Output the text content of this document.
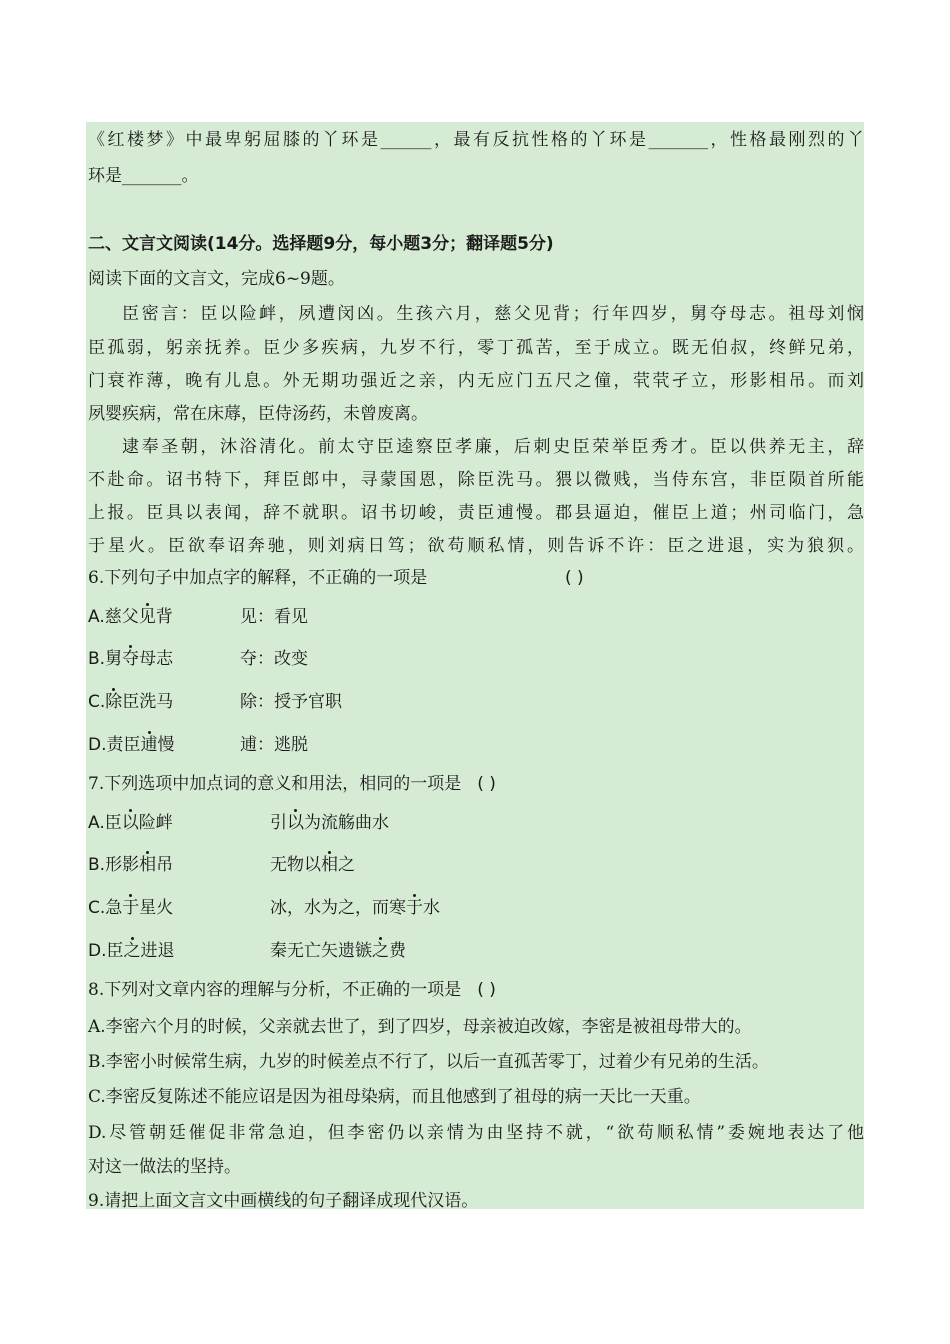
《红楼梦》中最卑躬屈膝的丫环是______，最有反抗性格的丫环是_______，性格最刚烈的丫
环是_______。
二、文言文阅读(14分。选择题9分，每小题3分；翻译题5分)
阅读下面的文言文，完成6~9题。
臣密言：臣以险衅，夙遭闵凶。生孩六月，慈父见背；行年四岁，舅夺母志。祖母刘悯
臣孤弱，躬亲抚养。臣少多疾病，九岁不行，零丁孤苦，至于成立。既无伯叔，终鲜兄弟，
门衰祚薄，晚有儿息。外无期功强近之亲，内无应门五尺之僮，茕茕孑立，形影相吊。而刘
夙婴疾病，常在床蓐，臣侍汤药，未曾废离。
逮奉圣朝，沐浴清化。前太守臣逵察臣孝廉，后刺史臣荣举臣秀才。臣以供养无主，辞
不赴命。诏书特下，拜臣郎中，寻蒙国恩，除臣洗马。猥以微贱，当侍东宫，非臣陨首所能
上报。臣具以表闻，辞不就职。诏书切峻，责臣逋慢。郡县逼迫，催臣上道；州司临门，急
于星火。臣欲奉诏奔驰，则刘病日笃；欲苟顺私情，则告诉不许：臣之进退，实为狼狈。
6.下列句子中加点字的解释，不正确的一项是	( )
A.慈父见背	见：看见
B.舅夺母志	夺：改变
C.除臣洗马	除：授予官职
D.责臣逋慢	逋：逃脱
7.下列选项中加点词的意义和用法，相同的一项是 ( )
A.臣以险衅	引以为流觞曲水
B.形影相吊	无物以相之
C.急于星火	冰，水为之，而寒于水
D.臣之进退	秦无亡矢遗镞之费
8.下列对文章内容的理解与分析，不正确的一项是 ( )
A.李密六个月的时候，父亲就去世了，到了四岁，母亲被迫改嫁，李密是被祖母带大的。
B.李密小时候常生病，九岁的时候差点不行了，以后一直孤苦零丁，过着少有兄弟的生活。
C.李密反复陈述不能应诏是因为祖母染病，而且他感到了祖母的病一天比一天重。
D.尽管朝廷催促非常急迫，但李密仍以亲情为由坚持不就，“欲苟顺私情”委婉地表达了他
对这一做法的坚持。
9.请把上面文言文中画横线的句子翻译成现代汉语。
